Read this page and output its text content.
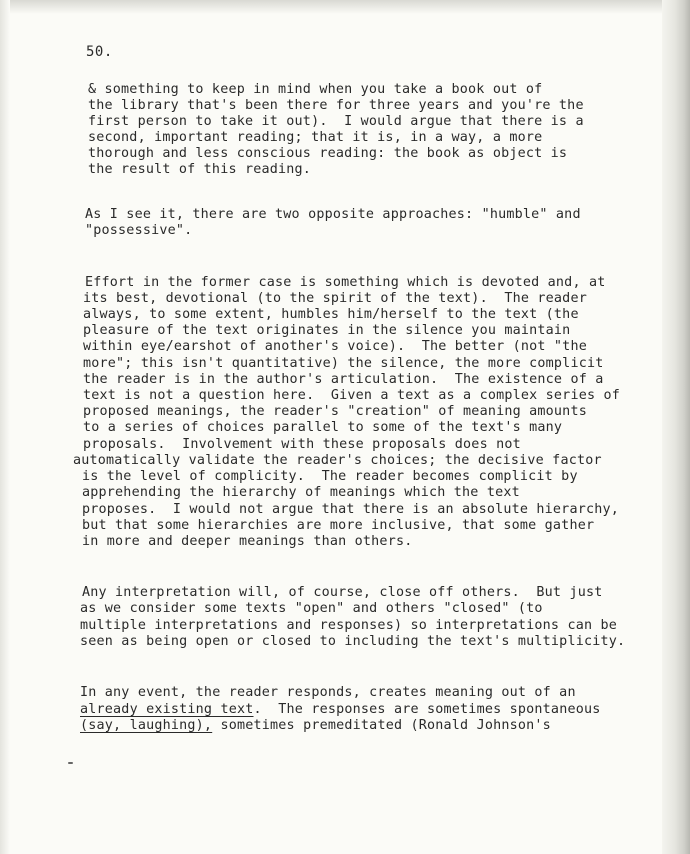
50.
& something to keep in mind when you take a book out of
the library that's been there for three years and you're the
first person to take it out).  I would argue that there is a
second, important reading; that it is, in a way, a more
thorough and less conscious reading: the book as object is
the result of this reading.
As I see it, there are two opposite approaches: "humble" and
"possessive".
Effort in the former case is something which is devoted and, at
its best, devotional (to the spirit of the text).  The reader
always, to some extent, humbles him/herself to the text (the
pleasure of the text originates in the silence you maintain
within eye/earshot of another's voice).  The better (not "the
more"; this isn't quantitative) the silence, the more complicit
the reader is in the author's articulation.  The existence of a
text is not a question here.  Given a text as a complex series of
proposed meanings, the reader's "creation" of meaning amounts
to a series of choices parallel to some of the text's many
proposals.  Involvement with these proposals does not
automatically validate the reader's choices; the decisive factor
is the level of complicity.  The reader becomes complicit by
apprehending the hierarchy of meanings which the text
proposes.  I would not argue that there is an absolute hierarchy,
but that some hierarchies are more inclusive, that some gather
in more and deeper meanings than others.
Any interpretation will, of course, close off others.  But just
as we consider some texts "open" and others "closed" (to
multiple interpretations and responses) so interpretations can be
seen as being open or closed to including the text's multiplicity.
In any event, the reader responds, creates meaning out of an
already existing text.  The responses are sometimes spontaneous
(say, laughing), sometimes premeditated (Ronald Johnson's
